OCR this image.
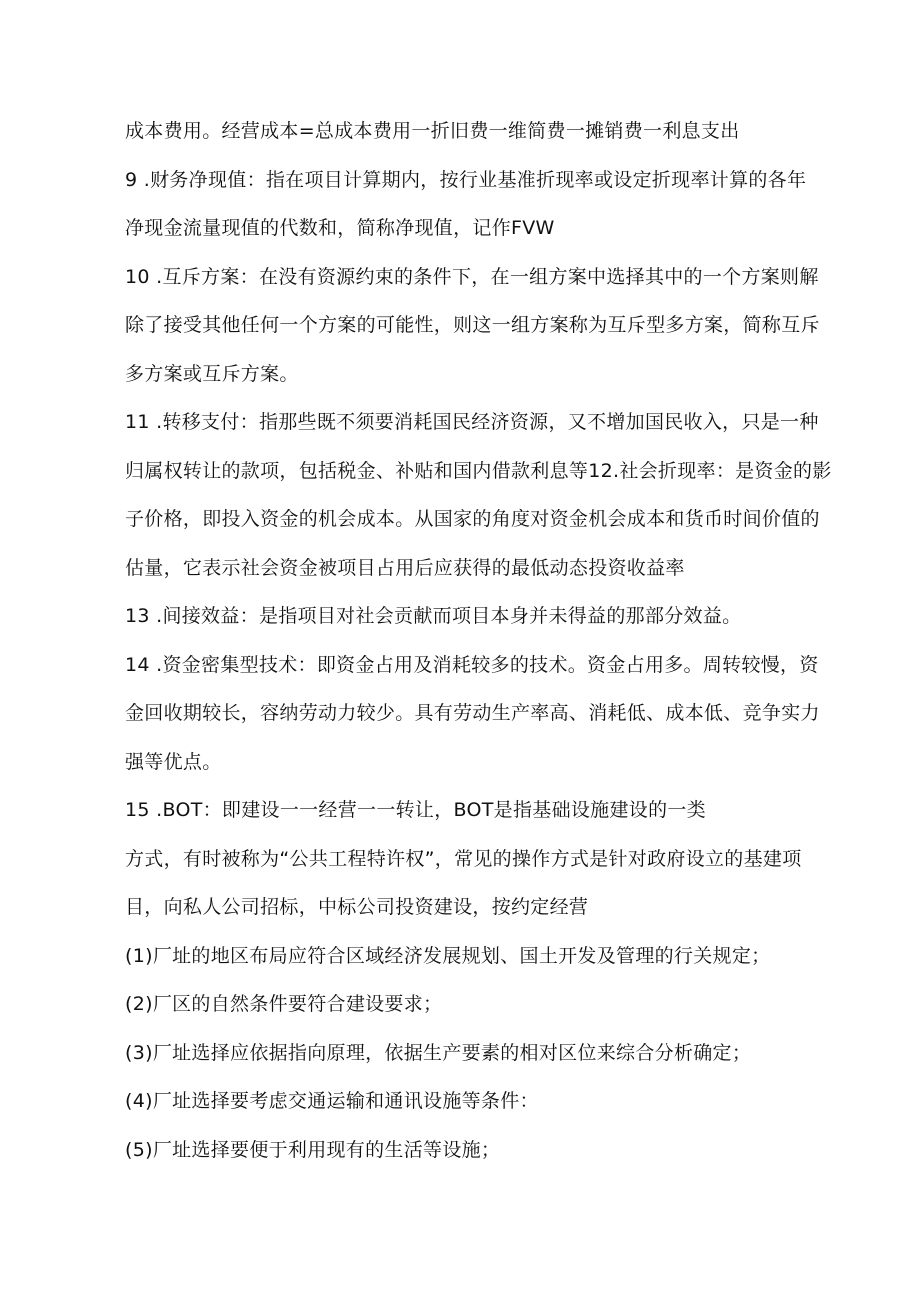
成本费用。经营成本=总成本费用一折旧费一维简费一摊销费一利息支出
9 .财务净现值：指在项目计算期内，按行业基准折现率或设定折现率计算的各年
净现金流量现值的代数和，简称净现值，记作FVW
10 .互斥方案：在没有资源约束的条件下，在一组方案中选择其中的一个方案则解
除了接受其他任何一个方案的可能性，则这一组方案称为互斥型多方案，简称互斥
多方案或互斥方案。
11 .转移支付：指那些既不须要消耗国民经济资源，又不增加国民收入，只是一种
归属权转让的款项，包括税金、补贴和国内借款利息等12.社会折现率：是资金的影
子价格，即投入资金的机会成本。从国家的角度对资金机会成本和货币时间价值的
估量，它表示社会资金被项目占用后应获得的最低动态投资收益率
13 .间接效益：是指项目对社会贡献而项目本身并未得益的那部分效益。
14 .资金密集型技术：即资金占用及消耗较多的技术。资金占用多。周转较慢，资
金回收期较长，容纳劳动力较少。具有劳动生产率高、消耗低、成本低、竞争实力
强等优点。
15 .BOT：即建设一一经营一一转让，BOT是指基础设施建设的一类
方式，有时被称为“公共工程特许权”，常见的操作方式是针对政府设立的基建项
目，向私人公司招标，中标公司投资建设，按约定经营
(1)厂址的地区布局应符合区域经济发展规划、国土开发及管理的行关规定；
(2)厂区的自然条件要符合建设要求；
(3)厂址选择应依据指向原理，依据生产要素的相对区位来综合分析确定；
(4)厂址选择要考虑交通运输和通讯设施等条件：
(5)厂址选择要便于利用现有的生活等设施；
